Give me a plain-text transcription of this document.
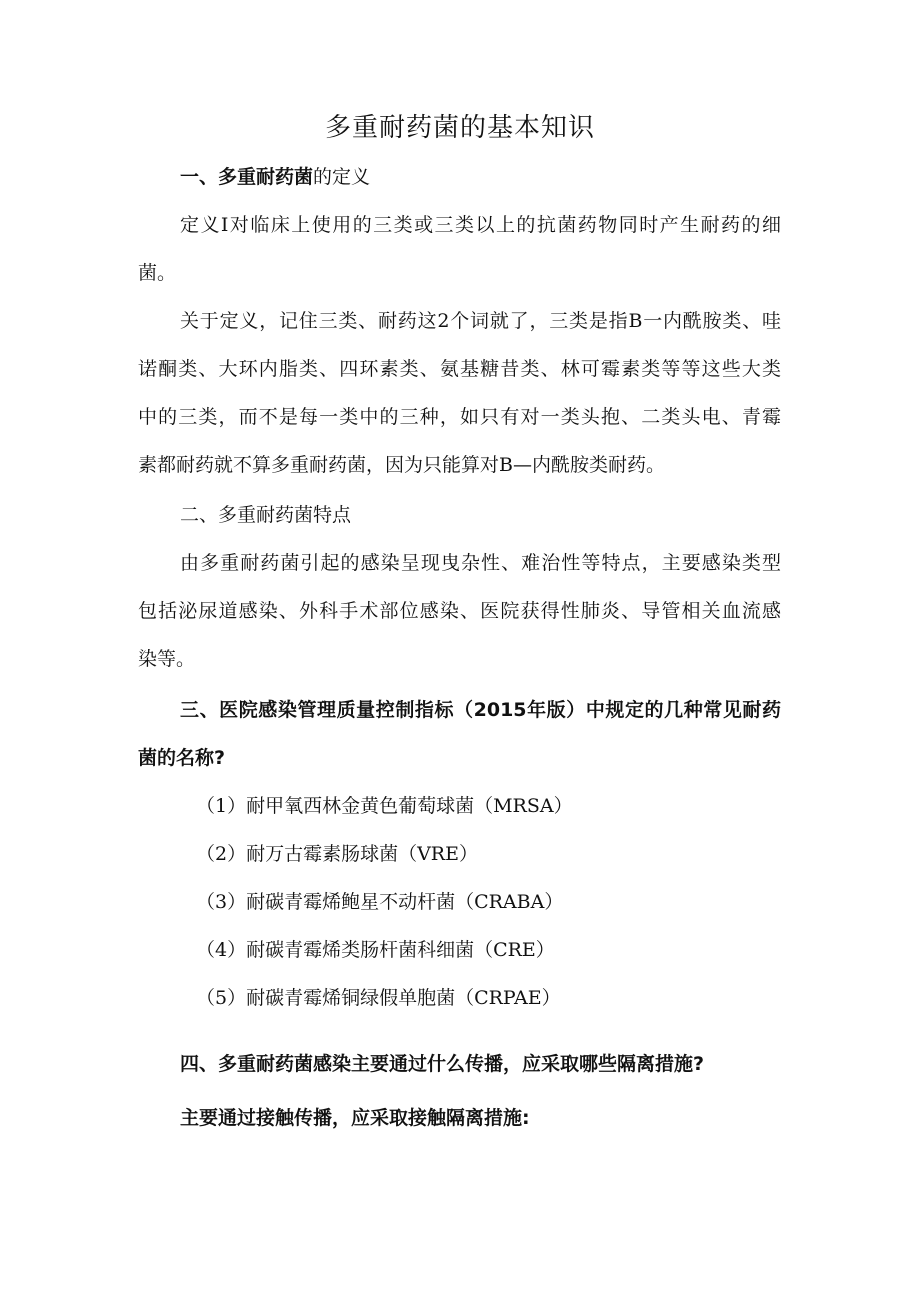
多重耐药菌的基本知识
一、多重耐药菌的定义
定义I对临床上使用的三类或三类以上的抗菌药物同时产生耐药的细
菌。
关于定义，记住三类、耐药这2个词就了，三类是指B一内酰胺类、哇
诺酮类、大环内脂类、四环素类、氨基糖昔类、林可霉素类等等这些大类
中的三类，而不是每一类中的三种，如只有对一类头抱、二类头电、青霉
素都耐药就不算多重耐药菌，因为只能算对B—内酰胺类耐药。
二、多重耐药菌特点
由多重耐药菌引起的感染呈现曳杂性、难治性等特点，主要感染类型
包括泌尿道感染、外科手术部位感染、医院获得性肺炎、导管相关血流感
染等。
三、医院感染管理质量控制指标（2015年版）中规定的几种常见耐药
菌的名称?
（1）耐甲氧西林金黄色葡萄球菌（MRSA）
（2）耐万古霉素肠球菌（VRE）
（3）耐碳青霉烯鲍星不动杆菌（CRABA）
（4）耐碳青霉烯类肠杆菌科细菌（CRE）
（5）耐碳青霉烯铜绿假单胞菌（CRPAE）
四、多重耐药菌感染主要通过什么传播，应采取哪些隔离措施?
主要通过接触传播，应采取接触隔离措施:
